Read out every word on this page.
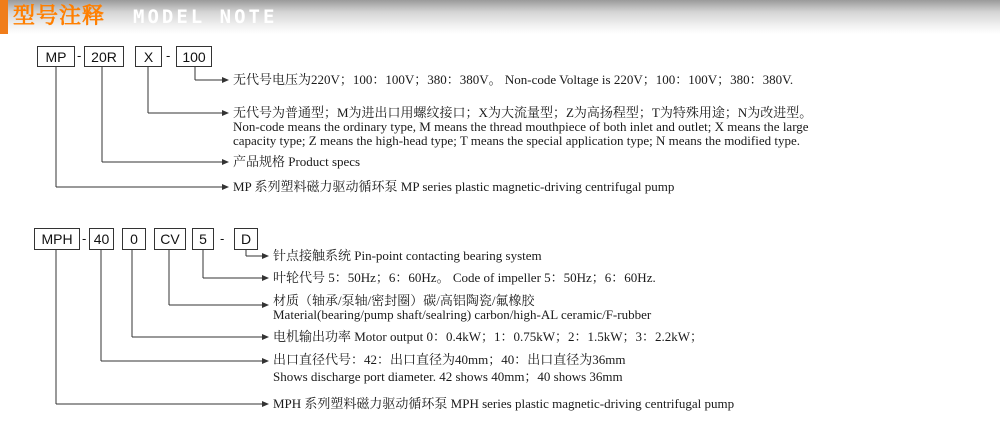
型号注释 MODEL NOTE
MP - 20R	X - 100
无代号电压为220V；100：100V；380：380V。 Non-code Voltage is 220V；100：100V；380：380V.
无代号为普通型；M为进出口用螺纹接口；X为大流量型；Z为高扬程型；T为特殊用途；N为改进型。
Non-code means the ordinary type, M means the thread mouthpiece of both inlet and outlet; X means the large
capacity type; Z means the high-head type; T means the special application type; N means the modified type.
产品规格 Product specs
MP 系列塑料磁力驱动循环泵 MP series plastic magnetic-driving centrifugal pump
MPH - 40	0	CV	5	-	D
针点接触系统 Pin-point contacting bearing system
叶轮代号 5：50Hz；6：60Hz。 Code of impeller 5：50Hz；6：60Hz.
材质（轴承/泵轴/密封圈）碳/高铝陶瓷/氟橡胶
Material(bearing/pump shaft/sealring) carbon/high-AL ceramic/F-rubber
电机输出功率 Motor output 0：0.4kW；1：0.75kW；2：1.5kW；3：2.2kW；
出口直径代号：42：出口直径为40mm；40：出口直径为36mm
Shows discharge port diameter. 42 shows 40mm；40 shows 36mm
MPH 系列塑料磁力驱动循环泵 MPH series plastic magnetic-driving centrifugal pump
